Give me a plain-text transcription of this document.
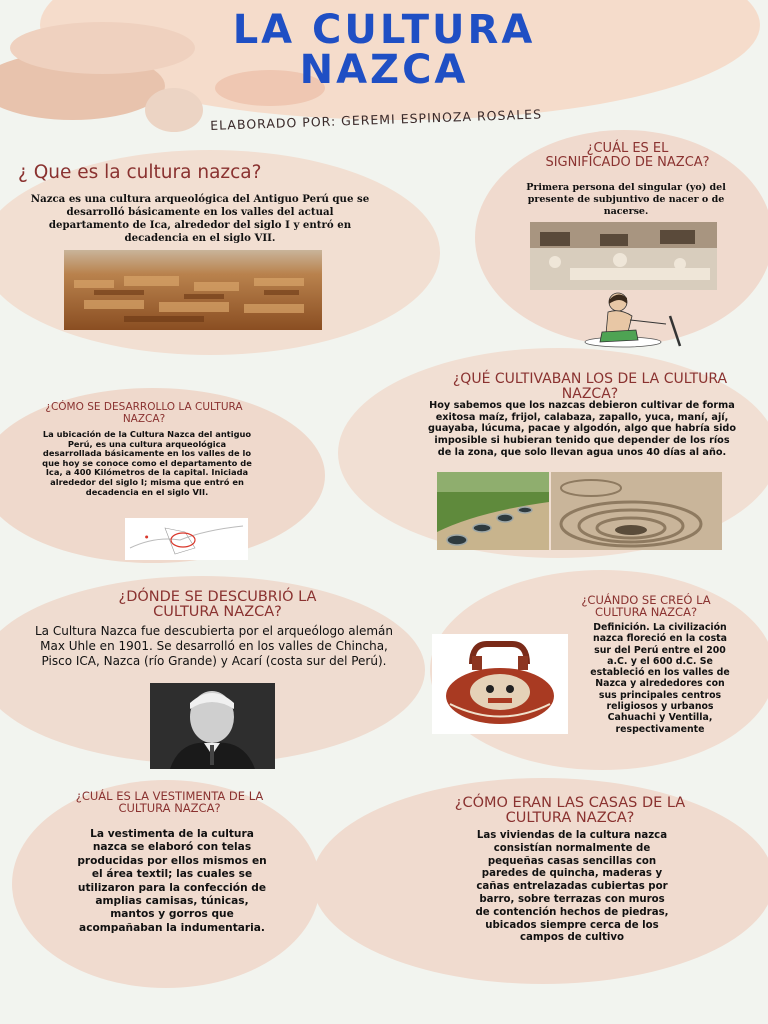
LA CULTURA
NAZCA
ELABORADO POR: GEREMI ESPINOZA ROSALES
¿ Que es la cultura nazca?

Nazca es una cultura arqueológica del Antiguo Perú que se desarrolló básicamente en los valles del actual departamento de Ica, alrededor del siglo I y entró en decadencia en el siglo VII.

¿CUÁL ES EL SIGNIFICADO DE NAZCA?

Primera persona del singular (yo) del presente de subjuntivo de nacer o de nacerse.

¿CÓMO SE DESARROLLO LA CULTURA NAZCA?

La ubicación de la Cultura Nazca del antiguo Perú, es una cultura arqueológica desarrollada básicamente en los valles de lo que hoy se conoce como el departamento de Ica, a 400 Kilómetros de la capital. Iniciada alrededor del siglo I; misma que entró en decadencia en el siglo VII.

●
¿QUÉ CULTIVABAN LOS DE LA CULTURA NAZCA?

Hoy sabemos que los nazcas debieron cultivar de forma exitosa maíz, frijol, calabaza, zapallo, yuca, maní, ají, guayaba, lúcuma, pacae y algodón, algo que habría sido imposible si hubieran tenido que depender de los ríos de la zona, que solo llevan agua unos 40 días al año.

¿DÓNDE SE DESCUBRIÓ LA CULTURA NAZCA?

La Cultura Nazca fue descubierta por el arqueólogo alemán Max Uhle en 1901. Se desarrolló en los valles de Chincha, Pisco ICA, Nazca (río Grande) y Acarí (costa sur del Perú).

¿CUÁNDO SE CREÓ LA CULTURA NAZCA?

Definición. La civilización nazca floreció en la costa sur del Perú entre el 200 a.C. y el 600 d.C. Se estableció en los valles de Nazca y alrededores con sus principales centros religiosos y urbanos Cahuachi y Ventilla, respectivamente

¿CUÁL ES LA VESTIMENTA DE LA CULTURA NAZCA?

La vestimenta de la cultura nazca se elaboró con telas producidas por ellos mismos en el área textil; las cuales se utilizaron para la confección de amplias camisas, túnicas, mantos y gorros que acompañaban la indumentaria.

¿CÓMO ERAN LAS CASAS DE LA CULTURA NAZCA?

Las viviendas de la cultura nazca consistían normalmente de pequeñas casas sencillas con paredes de quincha, maderas y cañas entrelazadas cubiertas por barro, sobre terrazas con muros de contención hechos de piedras, ubicados siempre cerca de los campos de cultivo
